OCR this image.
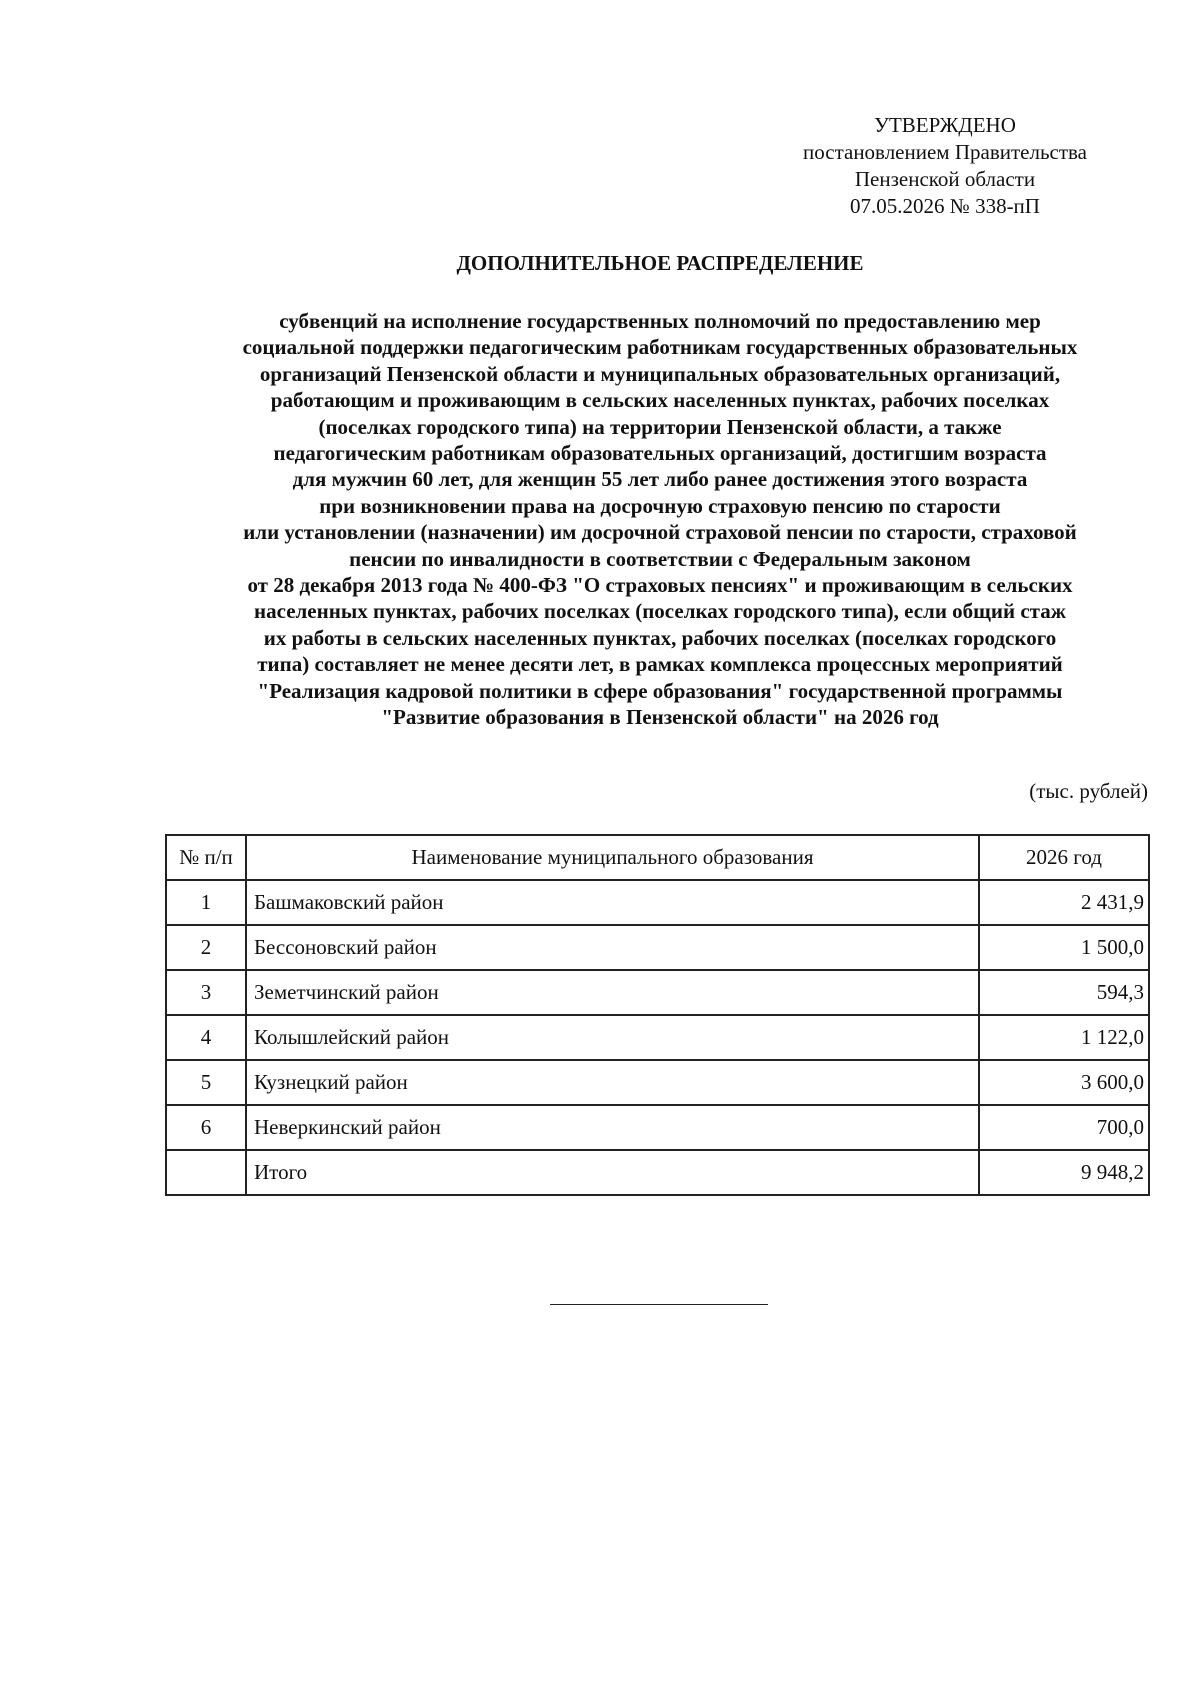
УТВЕРЖДЕНО
постановлением Правительства
Пензенской области
07.05.2026 № 338-пП
ДОПОЛНИТЕЛЬНОЕ РАСПРЕДЕЛЕНИЕ
субвенций на исполнение государственных полномочий по предоставлению мер
социальной поддержки педагогическим работникам государственных образовательных
организаций Пензенской области и муниципальных образовательных организаций,
работающим и проживающим в сельских населенных пунктах, рабочих поселках
(поселках городского типа) на территории Пензенской области, а также
педагогическим работникам образовательных организаций, достигшим возраста
для мужчин 60 лет, для женщин 55 лет либо ранее достижения этого возраста
при возникновении права на досрочную страховую пенсию по старости
или установлении (назначении) им досрочной страховой пенсии по старости, страховой
пенсии по инвалидности в соответствии с Федеральным законом
от 28 декабря 2013 года № 400-ФЗ "О страховых пенсиях" и проживающим в сельских
населенных пунктах, рабочих поселках (поселках городского типа), если общий стаж
их работы в сельских населенных пунктах, рабочих поселках (поселках городского
типа) составляет не менее десяти лет, в рамках комплекса процессных мероприятий
"Реализация кадровой политики в сфере образования" государственной программы
"Развитие образования в Пензенской области" на 2026 год
(тыс. рублей)
№ п/п	Наименование муниципального образования	2026 год
1	Башмаковский район	2 431,9
2	Бессоновский район	1 500,0
3	Земетчинский район	594,3
4	Колышлейский район	1 122,0
5	Кузнецкий район	3 600,0
6	Неверкинский район	700,0
	Итого	9 948,2
